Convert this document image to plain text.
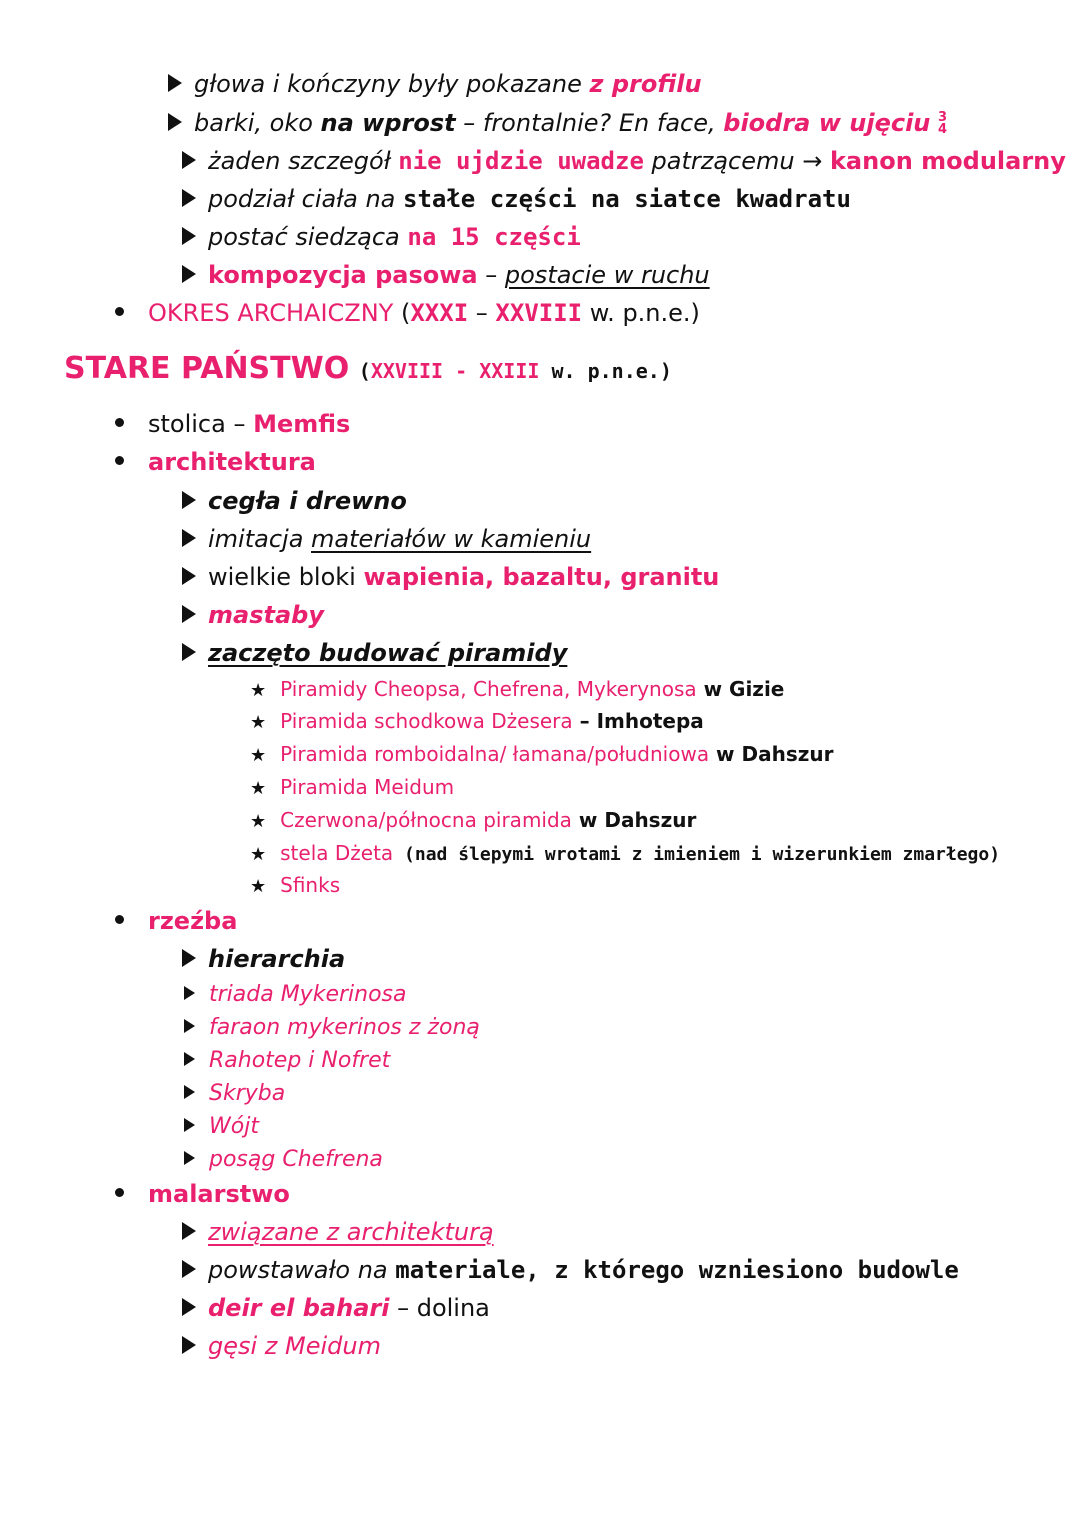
głowa i kończyny były pokazane z profilu
barki, oko na wprost – frontalnie? En face, biodra w ujęciu 3
4
żaden szczegół nie ujdzie uwadze patrzącemu → kanon modularny
podział ciała na stałe części na siatce kwadratu
postać siedząca na 15 części
kompozycja pasowa – postacie w ruchu
OKRES ARCHAICZNY (XXXI – XXVIII w. p.n.e.)
STARE PAŃSTWO (XXVIII - XXIII w. p.n.e.)
stolica – Memfis
architektura
cegła i drewno
imitacja materiałów w kamieniu
wielkie bloki wapienia, bazaltu, granitu
mastaby
zaczęto budować piramidy
★ Piramidy Cheopsa, Chefrena, Mykerynosa w Gizie
★ Piramida schodkowa Dżesera – Imhotepa
★ Piramida romboidalna/ łamana/południowa w Dahszur
★ Piramida Meidum
★ Czerwona/północna piramida w Dahszur
★ stela Dżeta (nad ślepymi wrotami z imieniem i wizerunkiem zmarłego)
★ Sfinks
rzeźba
hierarchia
triada Mykerinosa
faraon mykerinos z żoną
Rahotep i Nofret
Skryba
Wójt
posąg Chefrena
malarstwo
związane z architekturą
powstawało na materiale, z którego wzniesiono budowle
deir el bahari – dolina
gęsi z Meidum
